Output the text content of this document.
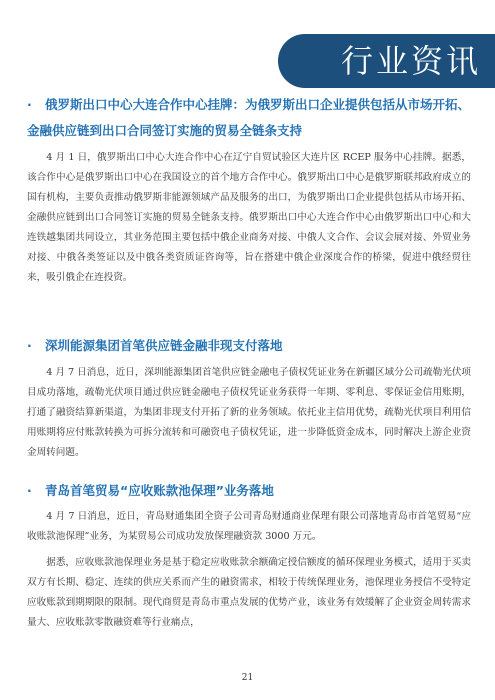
行业资讯
· 俄罗斯出口中心大连合作中心挂牌：为俄罗斯出口企业提供包括从市场开拓、金融供应链到出口合同签订实施的贸易全链条支持
4 月 1 日，俄罗斯出口中心大连合作中心在辽宁自贸试验区大连片区 RCEP 服务中心挂牌。据悉，该合作中心是俄罗斯出口中心在我国设立的首个地方合作中心。俄罗斯出口中心是俄罗斯联邦政府成立的国有机构，主要负责推动俄罗斯非能源领域产品及服务的出口，为俄罗斯出口企业提供包括从市场开拓、金融供应链到出口合同签订实施的贸易全链条支持。俄罗斯出口中心大连合作中心由俄罗斯出口中心和大连铁越集团共同设立，其业务范围主要包括中俄企业商务对接、中俄人文合作、会议会展对接、外贸业务对接、中俄各类签证以及中俄各类资质证咨询等，旨在搭建中俄企业深度合作的桥梁，促进中俄经贸往来，吸引俄企在连投资。
· 深圳能源集团首笔供应链金融非现支付落地
4 月 7 日消息，近日，深圳能源集团首笔供应链金融电子债权凭证业务在新疆区域分公司疏勒光伏项目成功落地，疏勒光伏项目通过供应链金融电子债权凭证业务获得一年期、零利息、零保证金信用账期，打通了融资结算新渠道，为集团非现支付开拓了新的业务领域。依托业主信用优势，疏勒光伏项目利用信用账期将应付账款转换为可拆分流转和可融资电子债权凭证，进一步降低资金成本，同时解决上游企业资金周转问题。
· 青岛首笔贸易“应收账款池保理”业务落地
4 月 7 日消息，近日，青岛财通集团全资子公司青岛财通商业保理有限公司落地青岛市首笔贸易“应收账款池保理”业务，为某贸易公司成功发放保理融资款 3000 万元。
据悉，应收账款池保理业务是基于稳定应收账款余额确定授信额度的循环保理业务模式，适用于买卖双方有长期、稳定、连续的供应关系而产生的融资需求，相较于传统保理业务，池保理业务授信不受特定应收账款到期期限的限制。现代商贸是青岛市重点发展的优势产业，该业务有效缓解了企业资金周转需求量大、应收账款零散融资难等行业痛点，
21
